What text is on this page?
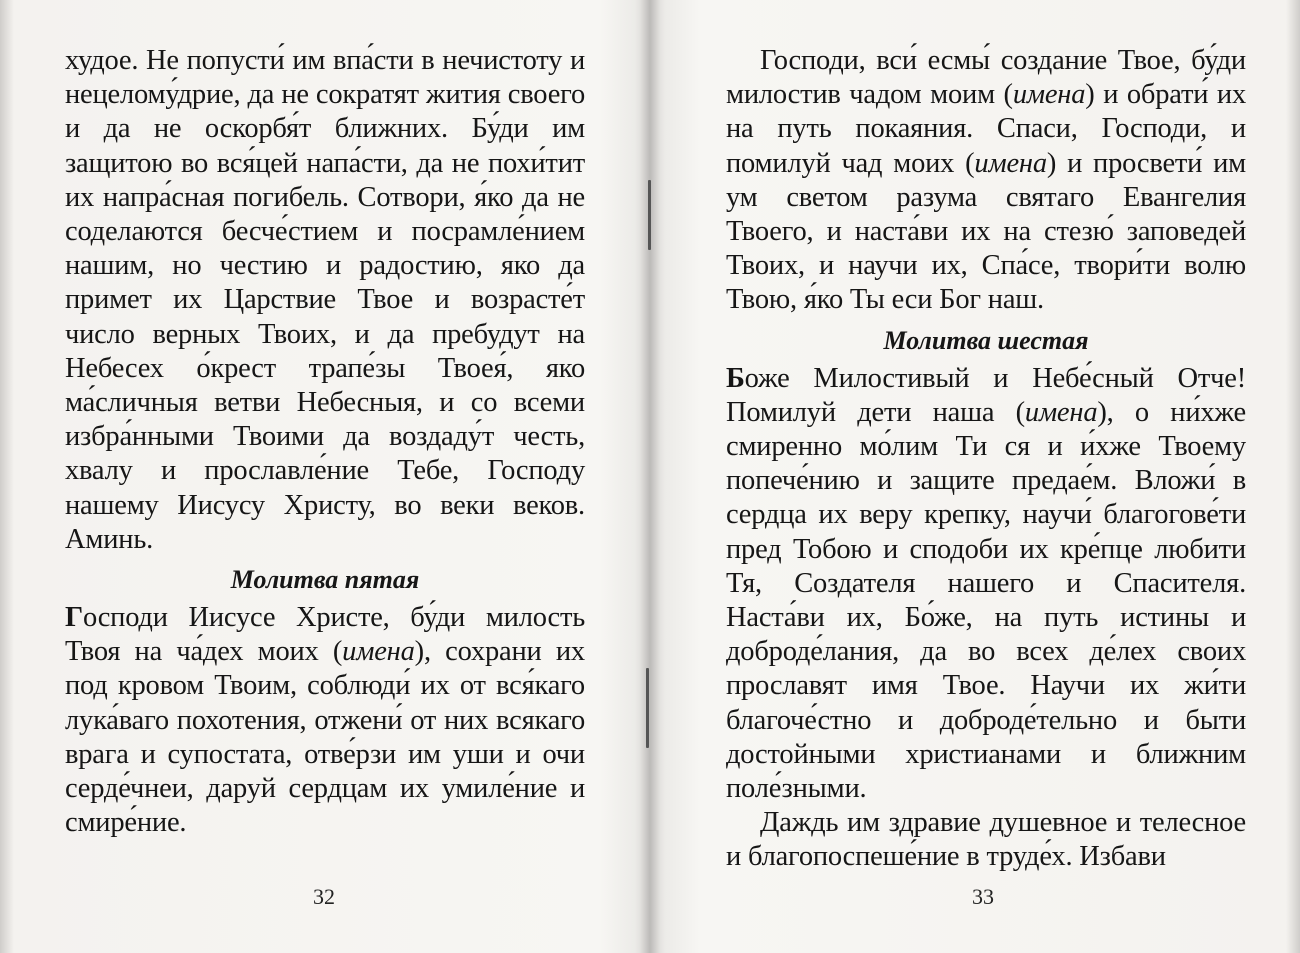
худое. Не попусти́ им впа́сти в нечистоту и нецелому́дрие, да не сократят жития своего и да не оскорбя́т ближних. Бу́ди им защитою во вся́цей напа́сти, да не похи́тит их напра́сная погибель. Сотвори, я́ко да не соделаются бесче́стием и посрамле́нием нашим, но честию и радостию, яко да примет их Царствие Твое и возрасте́т число верных Твоих, и да пребудут на Небесех о́крест трапе́зы Твоея́, яко ма́сличныя ветви Небесныя, и со всеми избра́нными Твоими да воздаду́т честь, хвалу и прославле́ние Тебе, Господу нашему Иисусу Христу, во веки веков. Аминь.

Молитва пятая

Господи Иисусе Христе, бу́ди милость Твоя на ча́дех моих (имена), сохрани их под кровом Твоим, соблюди́ их от вся́каго лука́ваго похотения, отжени́ от них всякаго врага и супостата, отве́рзи им уши и очи серде́чнеи, даруй сердцам их умиле́ние и смире́ние.

32

Господи, вси́ есмы́ создание Твое, бу́ди милостив чадом моим (имена) и обрати́ их на путь покаяния. Спаси, Господи, и помилуй чад моих (имена) и просвети́ им ум светом разума святаго Евангелия Твоего, и наста́ви их на стезю́ заповедей Твоих, и научи их, Спа́се, твори́ти волю Твою, я́ко Ты еси Бог наш.

Молитва шестая

Боже Милостивый и Небе́сный Отче! Помилуй дети наша (имена), о ни́хже смиренно мо́лим Ти ся и и́хже Твоему попече́нию и защите предае́м. Вложи́ в сердца их веру крепку, научи́ благогове́ти пред Тобою и сподоби их кре́пце любити Тя, Создателя нашего и Спасителя. Наста́ви их, Бо́же, на путь истины и доброде́лания, да во всех де́лех своих прославят имя Твое. Научи их жи́ти благоче́стно и доброде́тельно и быти достойными христианами и ближним поле́зными.

Даждь им здравие душевное и телесное и благопоспеше́ние в труде́х. Избави

33
